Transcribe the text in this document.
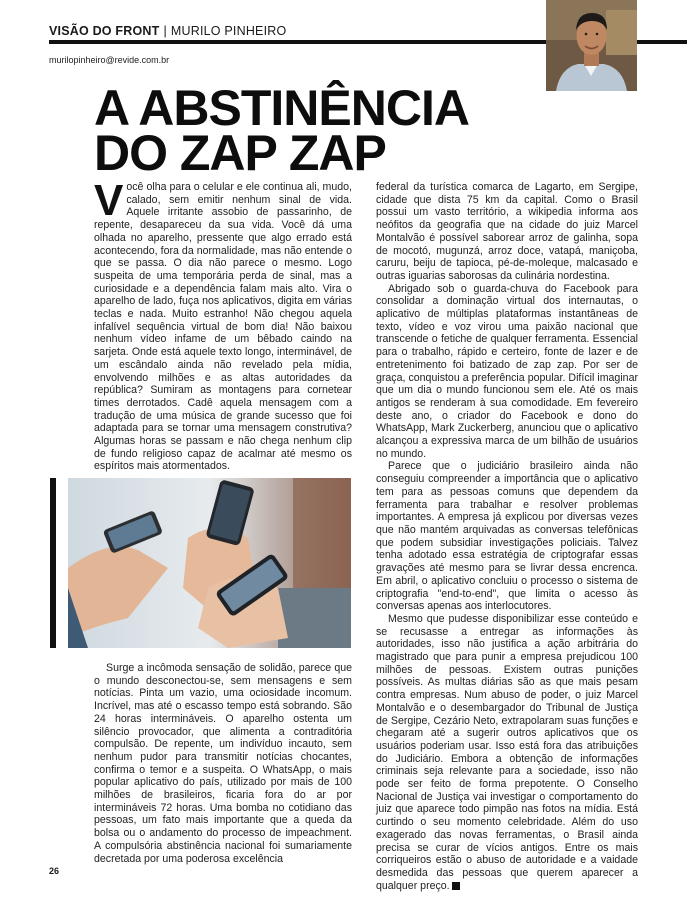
VISÃO DO FRONT | MURILO PINHEIRO
murilopinheiro@revide.com.br
A ABSTINÊNCIA
DO ZAP ZAP

Você olha para o celular e ele continua ali, mudo, calado, sem emitir nenhum sinal de vida. Aquele irritante assobio de passarinho, de repente, desapareceu da sua vida. Você dá uma olhada no aparelho, pressente que algo errado está acontecendo, fora da normalidade, mas não entende o que se passa. O dia não parece o mesmo. Logo suspeita de uma temporária perda de sinal, mas a curiosidade e a dependência falam mais alto. Vira o aparelho de lado, fuça nos aplicativos, digita em várias teclas e nada. Muito estranho! Não chegou aquela infalível sequência virtual de bom dia! Não baixou nenhum vídeo infame de um bêbado caindo na sarjeta. Onde está aquele texto longo, interminável, de um escândalo ainda não revelado pela mídia, envolvendo milhões e as altas autoridades da república? Sumiram as montagens para cornetear times derrotados. Cadê aquela mensagem com a tradução de uma música de grande sucesso que foi adaptada para se tornar uma mensagem construtiva? Algumas horas se passam e não chega nenhum clip de fundo religioso capaz de acalmar até mesmo os espíritos mais atormentados.

Surge a incômoda sensação de solidão, parece que o mundo desconectou-se, sem mensagens e sem notícias. Pinta um vazio, uma ociosidade incomum. Incrível, mas até o escasso tempo está sobrando. São 24 horas intermináveis. O aparelho ostenta um silêncio provocador, que alimenta a contraditória compulsão. De repente, um indivíduo incauto, sem nenhum pudor para transmitir notícias chocantes, confirma o temor e a suspeita. O WhatsApp, o mais popular aplicativo do país, utilizado por mais de 100 milhões de brasileiros, ficaria fora do ar por intermináveis 72 horas. Uma bomba no cotidiano das pessoas, um fato mais importante que a queda da bolsa ou o andamento do processo de impeachment. A compulsória abstinência nacional foi sumariamente decretada por uma poderosa excelência

federal da turística comarca de Lagarto, em Sergipe, cidade que dista 75 km da capital. Como o Brasil possui um vasto território, a wikipedia informa aos neófitos da geografia que na cidade do juiz Marcel Montalvão é possível saborear arroz de galinha, sopa de mocotó, mugunzá, arroz doce, vatapá, maniçoba, caruru, beiju de tapioca, pé-de-moleque, malcasado e outras iguarias saborosas da culinária nordestina.

Abrigado sob o guarda-chuva do Facebook para consolidar a dominação virtual dos internautas, o aplicativo de múltiplas plataformas instantâneas de texto, vídeo e voz virou uma paixão nacional que transcende o fetiche de qualquer ferramenta. Essencial para o trabalho, rápido e certeiro, fonte de lazer e de entretenimento foi batizado de zap zap. Por ser de graça, conquistou a preferência popular. Difícil imaginar que um dia o mundo funcionou sem ele. Até os mais antigos se renderam à sua comodidade. Em fevereiro deste ano, o criador do Facebook e dono do WhatsApp, Mark Zuckerberg, anunciou que o aplicativo alcançou a expressiva marca de um bilhão de usuários no mundo.

Parece que o judiciário brasileiro ainda não conseguiu compreender a importância que o aplicativo tem para as pessoas comuns que dependem da ferramenta para trabalhar e resolver problemas importantes. A empresa já explicou por diversas vezes que não mantém arquivadas as conversas telefônicas que podem subsidiar investigações policiais. Talvez tenha adotado essa estratégia de criptografar essas gravações até mesmo para se livrar dessa encrenca. Em abril, o aplicativo concluiu o processo o sistema de criptografia "end-to-end", que limita o acesso às conversas apenas aos interlocutores.

Mesmo que pudesse disponibilizar esse conteúdo e se recusasse a entregar as informações às autoridades, isso não justifica a ação arbitrária do magistrado que para punir a empresa prejudicou 100 milhões de pessoas. Existem outras punições possíveis. As multas diárias são as que mais pesam contra empresas. Num abuso de poder, o juiz Marcel Montalvão e o desembargador do Tribunal de Justiça de Sergipe, Cezário Neto, extrapolaram suas funções e chegaram até a sugerir outros aplicativos que os usuários poderiam usar. Isso está fora das atribuições do Judiciário. Embora a obtenção de informações criminais seja relevante para a sociedade, isso não pode ser feito de forma prepotente. O Conselho Nacional de Justiça vai investigar o comportamento do juiz que aparece todo pimpão nas fotos na mídia. Está curtindo o seu momento celebridade. Além do uso exagerado das novas ferramentas, o Brasil ainda precisa se curar de vícios antigos. Entre os mais corriqueiros estão o abuso de autoridade e a vaidade desmedida das pessoas que querem aparecer a qualquer preço.

26
